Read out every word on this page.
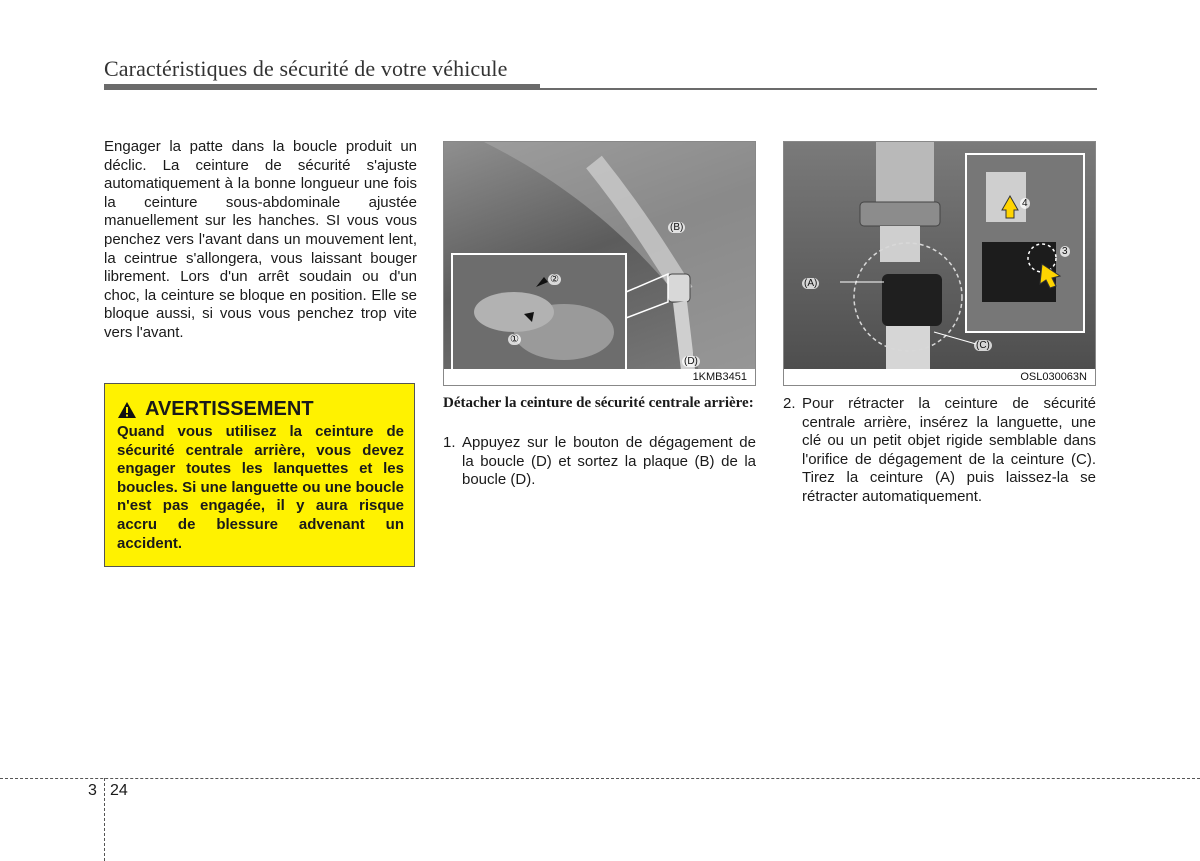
Caractéristiques de sécurité de votre véhicule
Engager la patte dans la boucle produit un déclic. La ceinture de sécurité s'ajuste automatiquement à la bonne longueur une fois la ceinture sous-abdominale ajustée manuellement sur les hanches. SI vous vous penchez vers l'avant dans un mouvement lent, la ceintrue s'allongera, vous laissant bouger librement. Lors d'un arrêt soudain ou d'un choc, la ceinture se bloque en position. Elle se bloque aussi, si vous vous penchez trop vite vers l'avant.
AVERTISSEMENT
Quand vous utilisez la ceinture de sécurité centrale arrière, vous devez engager toutes les lanquettes et les boucles. Si une languette ou une boucle n'est pas engagée, il y aura risque accru de blessure advenant un accident.
(B)
(D)
②
①
1KMB3451
(A)
(C)
3
4
OSL030063N
Détacher la ceinture de sécurité centrale arrière:
1. Appuyez sur le bouton de dégagement de la boucle (D) et sortez la plaque (B) de la boucle (D).
2. Pour rétracter la ceinture de sécurité centrale arrière, insérez la languette, une clé ou un petit objet rigide semblable dans l'orifice de dégagement de la ceinture (C). Tirez la ceinture (A) puis laissez-la se rétracter automatiquement.
3 24
